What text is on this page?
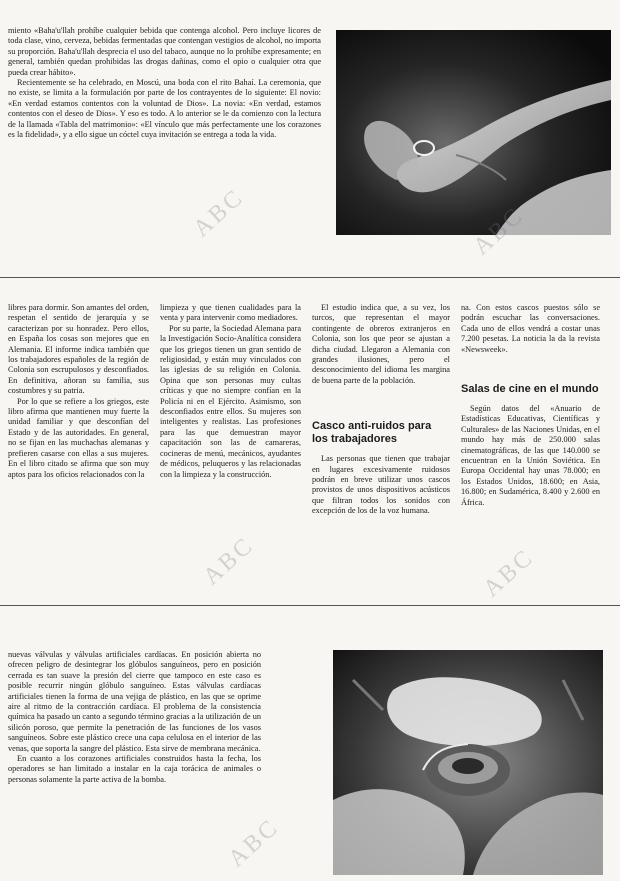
miento «Baha'u'llah prohíbe cualquier bebida que contenga alcohol. Pero incluye licores de toda clase, vino, cerveza, bebidas fermentadas que contengan vestigios de alcohol, no importa su proporción. Baha'u'llah desprecia el uso del tabaco, aunque no lo prohíbe expresamente; en general, también quedan prohibidas las drogas dañinas, como el opio o cualquier otra que pueda crear hábito».

Recientemente se ha celebrado, en Moscú, una boda con el rito Bahaí. La ceremonia, que no existe, se limita a la formulación por parte de los contrayentes de lo siguiente: El novio: «En verdad estamos contentos con la voluntad de Dios». La novia: «En verdad, estamos contentos con el deseo de Dios». Y eso es todo. A lo anterior se le da comienzo con la lectura de la llamada «Tabla del matrimonio»: «El vínculo que más perfectamente une los corazones es la fidelidad», y a ello sigue un cóctel cuya invitación se entrega a toda la vida.

ABC	ABC

libres para dormir. Son amantes del orden, respetan el sentido de jerarquía y se caracterizan por su honradez. Pero ellos, en España los cosas son mejores que en Alemania. El informe indica también que los trabajadores españoles de la región de Colonia son escrupulosos y desconfiados. En definitiva, añoran su familia, sus costumbres y su patria.

Por lo que se refiere a los griegos, este libro afirma que mantienen muy fuerte la unidad familiar y que desconfían del Estado y de las autoridades. En general, no se fijan en las muchachas alemanas y prefieren casarse con ellas a sus mujeres. En el libro citado se afirma que son muy aptos para los oficios relacionados con la

limpieza y que tienen cualidades para la venta y para intervenir como mediadores.

Por su parte, la Sociedad Alemana para la Investigación Socio-Analítica considera que los griegos tienen un gran sentido de religiosidad, y están muy vinculados con las iglesias de su religión en Colonia. Opina que son personas muy cultas críticas y que no siempre confían en la Policía ni en el Ejército. Asimismo, son desconfiados entre ellos. Su mujeres son inteligentes y realistas. Las profesiones para las que demuestran mayor capacitación son las de camareras, cocineras de menú, mecánicos, ayudantes de médicos, peluqueros y las relacionadas con la limpieza y la construcción.

El estudio indica que, a su vez, los turcos, que representan el mayor contingente de obreros extranjeros en Colonia, son los que peor se ajustan a dicha ciudad. Llegaron a Alemania con grandes ilusiones, pero el desconocimiento del idioma les margina de buena parte de la población.

Casco anti-ruidos para los trabajadores

Las personas que tienen que trabajar en lugares excesivamente ruidosos podrán en breve utilizar unos cascos provistos de unos dispositivos acústicos que filtran todos los sonidos con excepción de los de la voz humana.

na. Con estos cascos puestos sólo se podrán escuchar las conversaciones. Cada uno de ellos vendrá a costar unas 7.200 pesetas. La noticia la da la revista «Newsweek».

Salas de cine en el mundo

Según datos del «Anuario de Estadísticas Educativas, Científicas y Culturales» de las Naciones Unidas, en el mundo hay más de 250.000 salas cinematográficas, de las que 140.000 se encuentran en la Unión Soviética. En Europa Occidental hay unas 78.000; en los Estados Unidos, 18.600; en Asia, 16.800; en Sudamérica, 8.400 y 2.600 en África.

ABC	ABC

nuevas válvulas y válvulas artificiales cardíacas. En posición abierta no ofrecen peligro de desintegrar los glóbulos sanguíneos, pero en posición cerrada es tan suave la presión del cierre que tampoco en este caso es posible recurrir ningún glóbulo sanguíneo. Estas válvulas cardíacas artificiales tienen la forma de una vejiga de plástico, en las que se oprime aire al ritmo de la contracción cardíaca. El problema de la consistencia química ha pasado un canto a segundo término gracias a la utilización de un silicón poroso, que permite la penetración de las funciones de los vasos sanguíneos. Sobre este plástico crece una capa celulosa en el interior de las venas, que soporta la sangre del plástico. Esta sirve de membrana mecánica.

En cuanto a los corazones artificiales construidos hasta la fecha, los operadores se han limitado a instalar en la caja torácica de animales o personas solamente la parte activa de la bomba.

ABC
